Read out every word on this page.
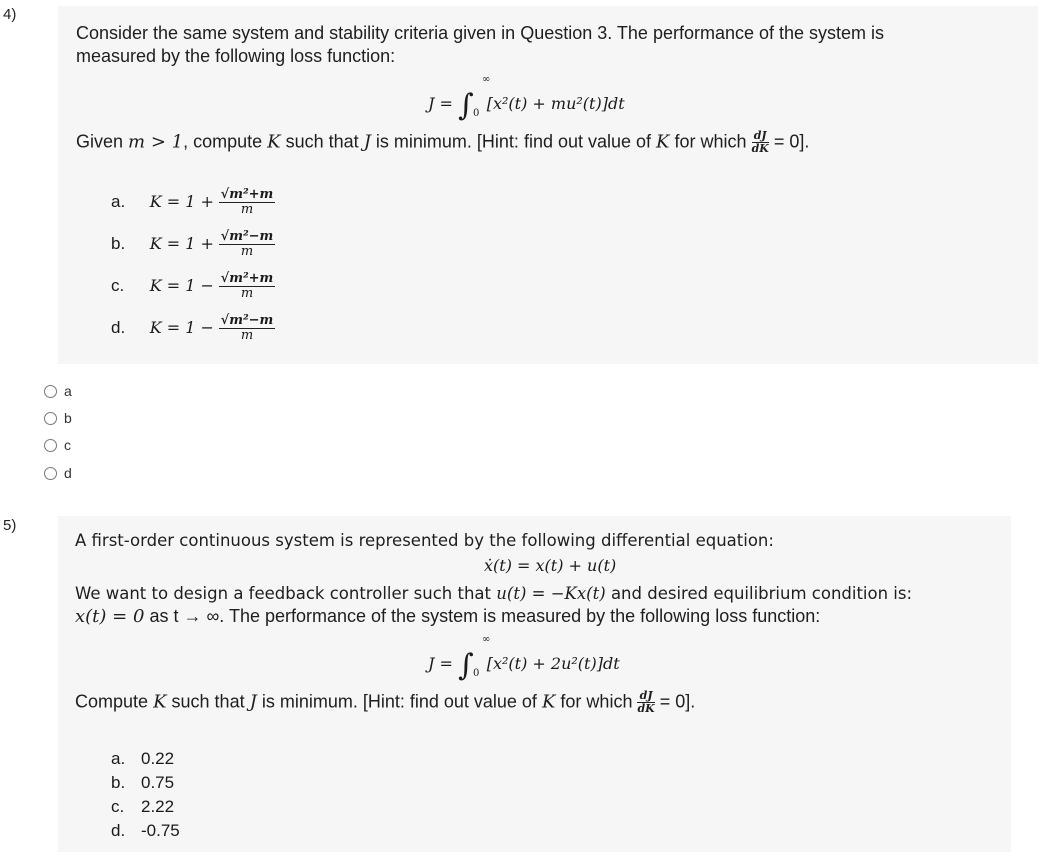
4)
Consider the same system and stability criteria given in Question 3. The performance of the system is
measured by the following loss function:
J = ∫
∞
0
[x²(t) + mu²(t)]dt
Given m > 1, compute K such that J is minimum. [Hint: find out value of K for which $\frac{dJ}{dK} = 0$].
a. $K = 1 + \frac{\text{√m²+m}}{m}$
b. $K = 1 + \frac{\text{√m²−m}}{m}$
c. $K = 1 - \frac{\text{√m²+m}}{m}$
d. $K = 1 - \frac{\text{√m²−m}}{m}$
a
b
c
d
5)
A first-order continuous system is represented by the following differential equation:
ẋ(t) = x(t) + u(t)
We want to design a feedback controller such that u(t) = −Kx(t) and desired equilibrium condition is:
x(t) = 0 as t → ∞. The performance of the system is measured by the following loss function:
J = ∫
∞
0
[x²(t) + 2u²(t)]dt
Compute K such that J is minimum. [Hint: find out value of K for which $\frac{dJ}{dK} = 0$].
a. 0.22
b. 0.75
c. 2.22
d. -0.75
